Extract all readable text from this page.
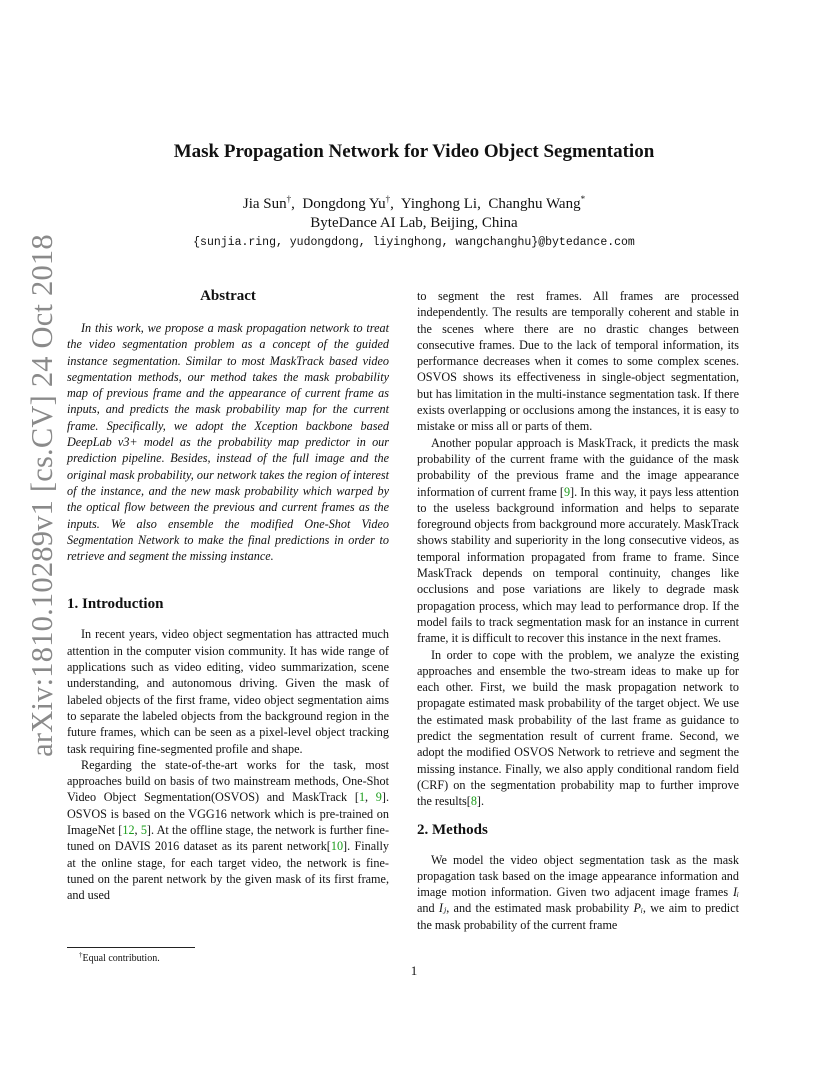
arXiv:1810.10289v1 [cs.CV] 24 Oct 2018
Mask Propagation Network for Video Object Segmentation

Jia Sun†,  Dongdong Yu†,  Yinghong Li,  Changhu Wang*

ByteDance AI Lab, Beijing, China

{sunjia.ring, yudongdong, liyinghong, wangchanghu}@bytedance.com

Abstract

In this work, we propose a mask propagation network to treat the video segmentation problem as a concept of the guided instance segmentation. Similar to most MaskTrack based video segmentation methods, our method takes the mask probability map of previous frame and the appearance of current frame as inputs, and predicts the mask probability map for the current frame. Specifically, we adopt the Xception backbone based DeepLab v3+ model as the probability map predictor in our prediction pipeline. Besides, instead of the full image and the original mask probability, our network takes the region of interest of the instance, and the new mask probability which warped by the optical flow between the previous and current frames as the inputs. We also ensemble the modified One-Shot Video Segmentation Network to make the final predictions in order to retrieve and segment the missing instance.

1. Introduction

In recent years, video object segmentation has attracted much attention in the computer vision community. It has wide range of applications such as video editing, video summarization, scene understanding, and autonomous driving. Given the mask of labeled objects of the first frame, video object segmentation aims to separate the labeled objects from the background region in the future frames, which can be seen as a pixel-level object tracking task requiring fine-segmented profile and shape.

Regarding the state-of-the-art works for the task, most approaches build on basis of two mainstream methods, One-Shot Video Object Segmentation(OSVOS) and MaskTrack [1, 9]. OSVOS is based on the VGG16 network which is pre-trained on ImageNet [12, 5]. At the offline stage, the network is further fine-tuned on DAVIS 2016 dataset as its parent network[10]. Finally at the online stage, for each target video, the network is fine-tuned on the parent network by the given mask of its first frame, and used

to segment the rest frames. All frames are processed independently. The results are temporally coherent and stable in the scenes where there are no drastic changes between consecutive frames. Due to the lack of temporal information, its performance decreases when it comes to some complex scenes. OSVOS shows its effectiveness in single-object segmentation, but has limitation in the multi-instance segmentation task. If there exists overlapping or occlusions among the instances, it is easy to mistake or miss all or parts of them.

Another popular approach is MaskTrack, it predicts the mask probability of the current frame with the guidance of the mask probability of the previous frame and the image appearance information of current frame [9]. In this way, it pays less attention to the useless background information and helps to separate foreground objects from background more accurately. MaskTrack shows stability and superiority in the long consecutive videos, as temporal information propagated from frame to frame. Since MaskTrack depends on temporal continuity, changes like occlusions and pose variations are likely to degrade mask propagation process, which may lead to performance drop. If the model fails to track segmentation mask for an instance in current frame, it is difficult to recover this instance in the next frames.

In order to cope with the problem, we analyze the existing approaches and ensemble the two-stream ideas to make up for each other. First, we build the mask propagation network to propagate estimated mask probability of the target object. We use the estimated mask probability of the last frame as guidance to predict the segmentation result of current frame. Second, we adopt the modified OSVOS Network to retrieve and segment the missing instance. Finally, we also apply conditional random field (CRF) on the segmentation probability map to further improve the results[8].

2. Methods

We model the video object segmentation task as the mask propagation task based on the image appearance information and image motion information. Given two adjacent image frames Iᵢ and Iⱼ, and the estimated mask probability Pᵢ, we aim to predict the mask probability of the current frame

†Equal contribution.

1
